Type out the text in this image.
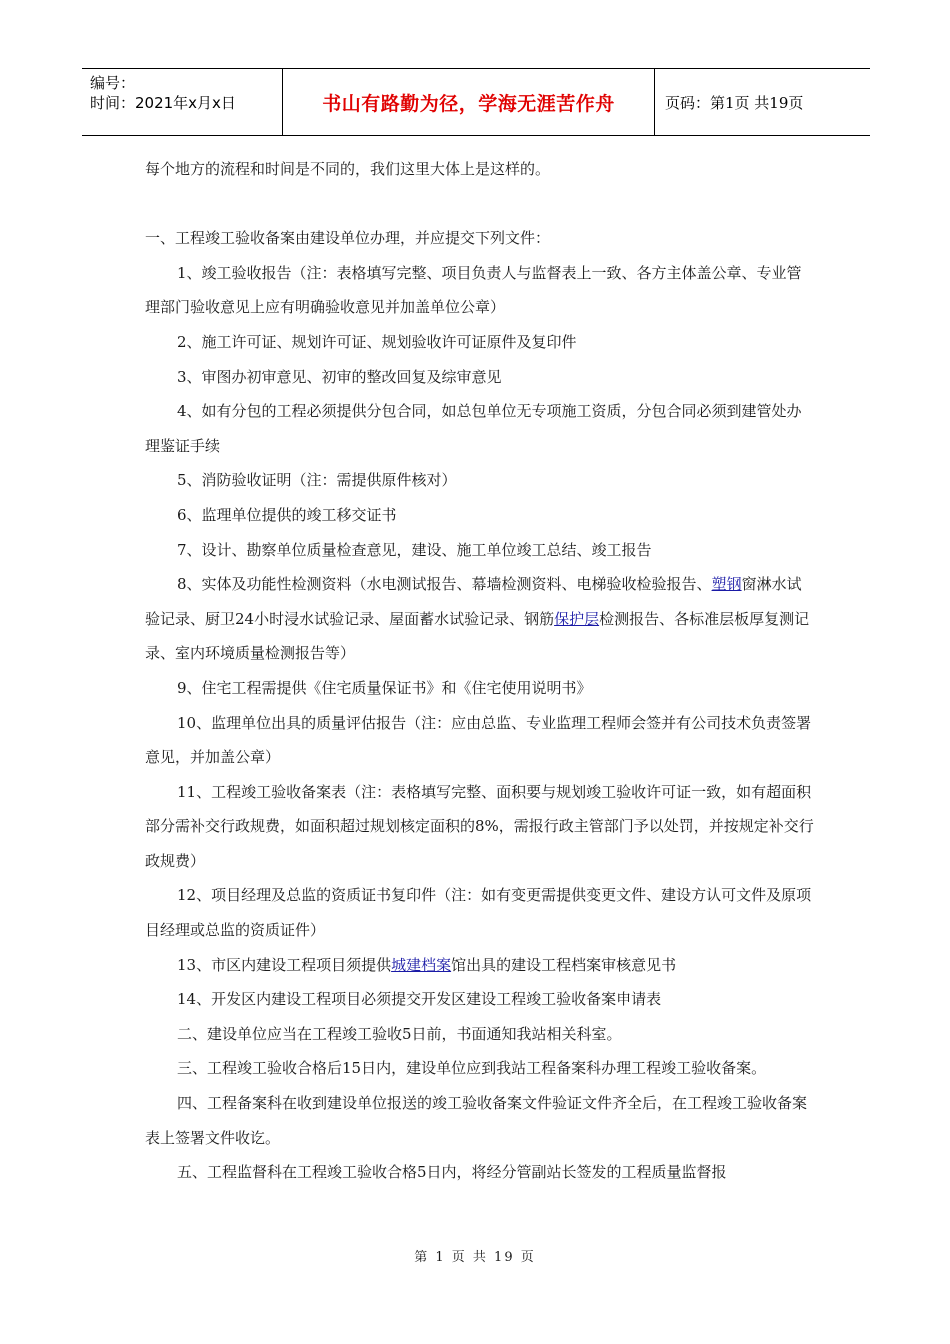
编号：
时间：2021年x月x日	书山有路勤为径，学海无涯苦作舟	页码：第1页 共19页

每个地方的流程和时间是不同的，我们这里大体上是这样的。

一、工程竣工验收备案由建设单位办理，并应提交下列文件：

1、竣工验收报告（注：表格填写完整、项目负责人与监督表上一致、各方主体盖公章、专业管理部门验收意见上应有明确验收意见并加盖单位公章）

2、施工许可证、规划许可证、规划验收许可证原件及复印件

3、审图办初审意见、初审的整改回复及综审意见

4、如有分包的工程必须提供分包合同，如总包单位无专项施工资质，分包合同必须到建管处办理鉴证手续

5、消防验收证明（注：需提供原件核对）

6、监理单位提供的竣工移交证书

7、设计、勘察单位质量检查意见，建设、施工单位竣工总结、竣工报告

8、实体及功能性检测资料（水电测试报告、幕墙检测资料、电梯验收检验报告、塑钢窗淋水试验记录、厨卫24小时浸水试验记录、屋面蓄水试验记录、钢筋保护层检测报告、各标准层板厚复测记录、室内环境质量检测报告等）

9、住宅工程需提供《住宅质量保证书》和《住宅使用说明书》

10、监理单位出具的质量评估报告（注：应由总监、专业监理工程师会签并有公司技术负责签署意见，并加盖公章）

11、工程竣工验收备案表（注：表格填写完整、面积要与规划竣工验收许可证一致，如有超面积部分需补交行政规费，如面积超过规划核定面积的8%，需报行政主管部门予以处罚，并按规定补交行政规费）

12、项目经理及总监的资质证书复印件（注：如有变更需提供变更文件、建设方认可文件及原项目经理或总监的资质证件）

13、市区内建设工程项目须提供城建档案馆出具的建设工程档案审核意见书

14、开发区内建设工程项目必须提交开发区建设工程竣工验收备案申请表

二、建设单位应当在工程竣工验收5日前，书面通知我站相关科室。

三、工程竣工验收合格后15日内，建设单位应到我站工程备案科办理工程竣工验收备案。

四、工程备案科在收到建设单位报送的竣工验收备案文件验证文件齐全后，在工程竣工验收备案表上签署文件收讫。

五、工程监督科在工程竣工验收合格5日内，将经分管副站长签发的工程质量监督报

第 1 页 共 19 页
